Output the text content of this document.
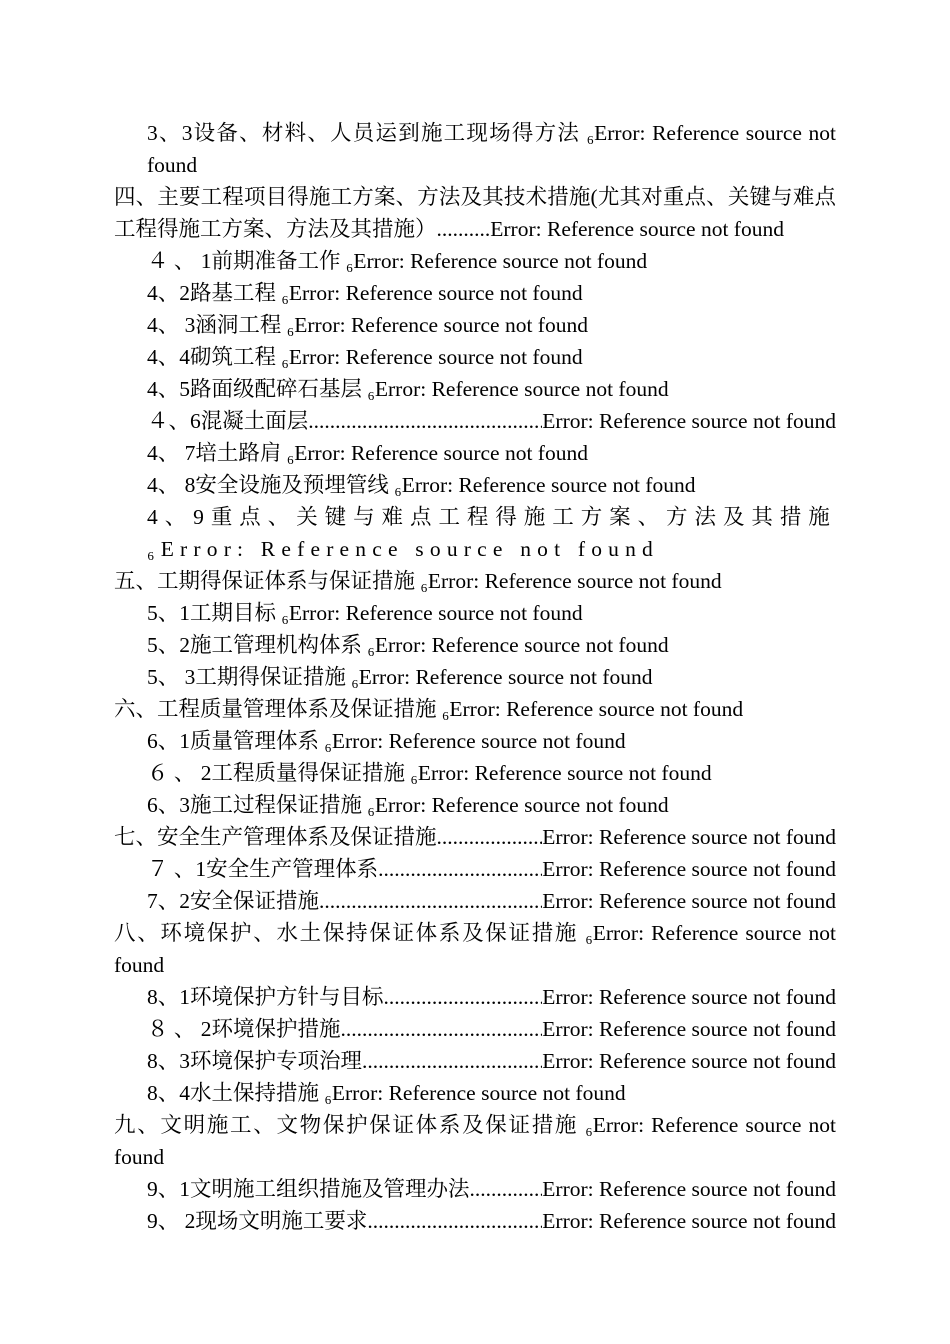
3、3设备、材料、人员运到施工现场得方法 ₆Error: Reference source not found
四、主要工程项目得施工方案、方法及其技术措施(尤其对重点、关键与难点工程得施工方案、方法及其措施）..........Error: Reference source not found
４ 、 1前期准备工作 ₆Error: Reference source not found
4、2路基工程 ₆Error: Reference source not found
4、 3涵洞工程 ₆Error: Reference source not found
4、4砌筑工程 ₆Error: Reference source not found
4、5路面级配碎石基层 ₆Error: Reference source not found
４、6混凝土面层 .....	Error: Reference source not found
4、 7培土路肩 ₆Error: Reference source not found
4、 8安全设施及预埋管线 ₆Error: Reference source not found
4、9重点、关键与难点工程得施工方案、方法及其措施 ₆Error: Reference source not found
五、工期得保证体系与保证措施 ₆Error: Reference source not found
5、1工期目标 ₆Error: Reference source not found
5、2施工管理机构体系 ₆Error: Reference source not found
5、 3工期得保证措施 ₆Error: Reference source not found
六、工程质量管理体系及保证措施 ₆Error: Reference source not found
6、1质量管理体系 ₆Error: Reference source not found
６ 、 2工程质量得保证措施 ₆Error: Reference source not found
6、3施工过程保证措施 ₆Error: Reference source not found
七、安全生产管理体系及保证措施 .....	Error: Reference source not found
７ 、1安全生产管理体系 .....	Error: Reference source not found
7、2安全保证措施 .....	Error: Reference source not found
八、环境保护、水土保持保证体系及保证措施 ₆Error: Reference source not found
8、1环境保护方针与目标 .....	Error: Reference source not found
８ 、 2环境保护措施 .....	Error: Reference source not found
8、3环境保护专项治理 .....	Error: Reference source not found
8、4水土保持措施 ₆Error: Reference source not found
九、文明施工、文物保护保证体系及保证措施 ₆Error: Reference source not found
9、1文明施工组织措施及管理办法 .....	Error: Reference source not found
9、 2现场文明施工要求 .....	Error: Reference source not found
